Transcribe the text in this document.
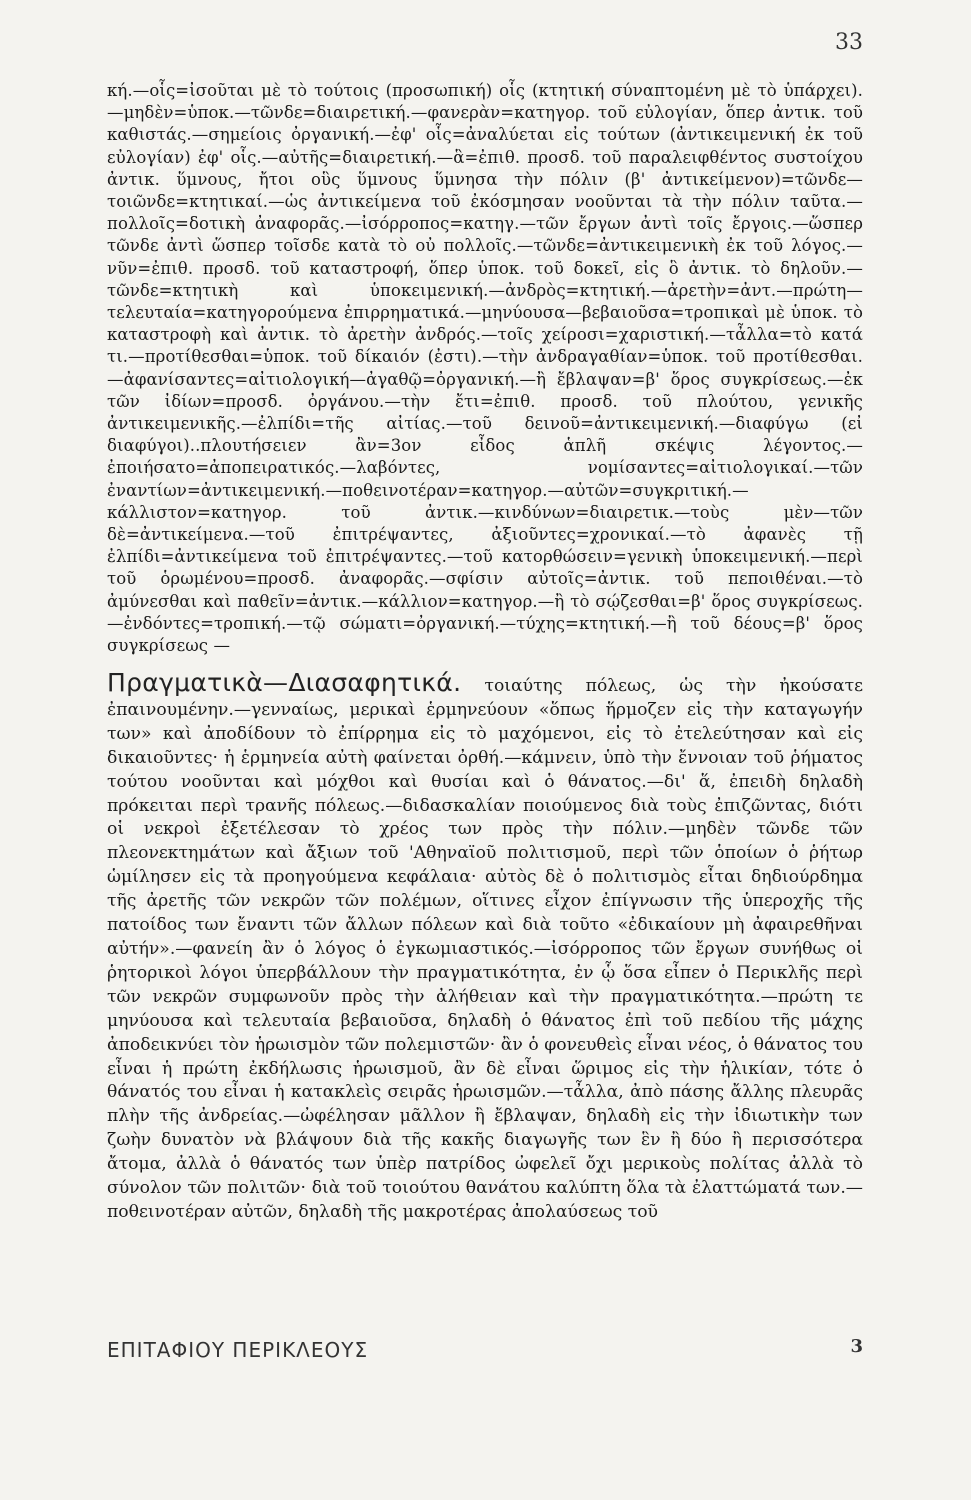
33

κή.—οἷς=ἰσοῦται μὲ τὸ τούτοις (προσωπική) οἷς (κτητική σύναπτομένη μὲ τὸ ὑπάρχει).—μηδὲν=ὑποκ.—τῶνδε=διαιρετική.—φανερὰν=κατηγορ. τοῦ εὐλογίαν, ὅπερ ἀντικ. τοῦ καθιστάς.—σημείοις ὀργανική.—ἐφ' οἷς=ἀναλύεται εἰς τούτων (ἀντικειμενική ἐκ τοῦ εὐλογίαν) ἐφ' οἷς.—αὐτῆς=διαιρετική.—ἃ=ἐπιθ. προσδ. τοῦ παραλειφθέντος συστοίχου ἀντικ. ὕμνους, ἤτοι οὓς ὕμνους ὕμνησα τὴν πόλιν (β' ἀντικείμενον)=τῶνδε—τοιῶνδε=κτητικαί.—ὡς ἀντικείμενα τοῦ ἐκόσμησαν νοοῦνται τὰ τὴν πόλιν ταῦτα.—πολλοῖς=δοτικὴ ἀναφορᾶς.—ἰσόρροπος=κατηγ.—τῶν ἔργων ἀντὶ τοῖς ἔργοις.—ὥσπερ τῶνδε ἀντὶ ὥσπερ τοῖσδε κατὰ τὸ οὐ πολλοῖς.—τῶνδε=ἀντικειμενικὴ ἐκ τοῦ λόγος.—νῦν=ἐπιθ. προσδ. τοῦ καταστροφή, ὅπερ ὑποκ. τοῦ δοκεῖ, εἰς ὃ ἀντικ. τὸ δηλοῦν.—τῶνδε=κτητικὴ καὶ ὑποκειμενική.—ἀνδρὸς=κτητική.—ἀρετὴν=ἀντ.—πρώτη—τελευταία=κατηγορούμενα ἐπιρρηματικά.—μηνύουσα—βεβαιοῦσα=τροπικαὶ μὲ ὑποκ. τὸ καταστροφὴ καὶ ἀντικ. τὸ ἀρετὴν ἀνδρός.—τοῖς χείροσι=χαριστική.—τἆλλα=τὸ κατά τι.—προτίθεσθαι=ὑποκ. τοῦ δίκαιόν (ἐστι).—τὴν ἀνδραγαθίαν=ὑποκ. τοῦ προτίθεσθαι.—ἀφανίσαντες=αἰτιολογική—ἀγαθῷ=ὀργανική.—ἢ ἔβλαψαν=β' ὅρος συγκρίσεως.—ἐκ τῶν ἰδίων=προσδ. ὀργάνου.—τὴν ἔτι=ἐπιθ. προσδ. τοῦ πλούτου, γενικῆς ἀντικειμενικῆς.—ἐλπίδι=τῆς αἰτίας.—τοῦ δεινοῦ=ἀντικειμενική.—διαφύγω (εἰ διαφύγοι)..πλουτήσειεν ἂν=3ον εἶδος ἁπλῆ σκέψις λέγοντος.—ἐποιήσατο=ἀποπειρατικός.—λαβόντες, νομίσαντες=αἰτιολογικαί.—τῶν ἐναντίων=ἀντικειμενική.—ποθεινοτέραν=κατηγορ.—αὐτῶν=συγκριτική.—κάλλιστον=κατηγορ. τοῦ ἀντικ.—κινδύνων=διαιρετικ.—τοὺς μὲν—τῶν δὲ=ἀντικείμενα.—τοῦ ἐπιτρέψαντες, ἀξιοῦντες=χρονικαί.—τὸ ἀφανὲς τῇ ἐλπίδι=ἀντικείμενα τοῦ ἐπιτρέψαντες.—τοῦ κατορθώσειν=γενικὴ ὑποκειμενική.—περὶ τοῦ ὁρωμένου=προσδ. ἀναφορᾶς.—σφίσιν αὐτοῖς=ἀντικ. τοῦ πεποιθέναι.—τὸ ἀμύνεσθαι καὶ παθεῖν=ἀντικ.—κάλλιον=κατηγορ.—ἢ τὸ σῴζεσθαι=β' ὅρος συγκρίσεως.—ἐνδόντες=τροπική.—τῷ σώματι=ὀργανική.—τύχης=κτητική.—ἢ τοῦ δέους=β' ὅρος συγκρίσεως —

Πραγματικὰ—Διασαφητικά. τοιαύτης πόλεως, ὡς τὴν ἠκούσατε ἐπαινουμένην.—γενναίως, μερικαὶ ἑρμηνεύουν «ὅπως ἥρμοζεν εἰς τὴν καταγωγήν των» καὶ ἀποδίδουν τὸ ἐπίρρημα εἰς τὸ μαχόμενοι, εἰς τὸ ἐτελεύτησαν καὶ εἰς δικαιοῦντες· ἡ ἑρμηνεία αὐτὴ φαίνεται ὀρθή.—κάμνειν, ὑπὸ τὴν ἔννοιαν τοῦ ῥήματος τούτου νοοῦνται καὶ μόχθοι καὶ θυσίαι καὶ ὁ θάνατος.—δι' ἅ, ἐπειδὴ δηλαδὴ πρόκειται περὶ τρανῆς πόλεως.—διδασκαλίαν ποιούμενος διὰ τοὺς ἐπιζῶντας, διότι οἱ νεκροὶ ἐξετέλεσαν τὸ χρέος των πρὸς τὴν πόλιν.—μηδὲν τῶνδε τῶν πλεονεκτημάτων καὶ ἄξιων τοῦ 'Αθηναϊοῦ πολιτισμοῦ, περὶ τῶν ὁποίων ὁ ῥήτωρ ὡμίλησεν εἰς τὰ προηγούμενα κεφάλαια· αὐτὸς δὲ ὁ πολιτισμὸς εἶται δηδιούρδημα τῆς ἀρετῆς τῶν νεκρῶν τῶν πολέμων, οἵτινες εἶχον ἐπίγνωσιν τῆς ὑπεροχῆς τῆς πατοίδος των ἔναντι τῶν ἄλλων πόλεων καὶ διὰ τοῦτο «ἐδικαίουν μὴ ἀφαιρεθῆναι αὐτήν».—φανείη ἂν ὁ λόγος ὁ ἐγκωμιαστικός.—ἰσόρροπος τῶν ἔργων συνήθως οἱ ῥητορικοὶ λόγοι ὑπερβάλλουν τὴν πραγματικότητα, ἐν ᾧ ὅσα εἶπεν ὁ Περικλῆς περὶ τῶν νεκρῶν συμφωνοῦν πρὸς τὴν ἀλήθειαν καὶ τὴν πραγματικότητα.—πρώτη τε μηνύουσα καὶ τελευταία βεβαιοῦσα, δηλαδὴ ὁ θάνατος ἐπὶ τοῦ πεδίου τῆς μάχης ἀποδεικνύει τὸν ἡρωισμὸν τῶν πολεμιστῶν· ἂν ὁ φονευθεὶς εἶναι νέος, ὁ θάνατος του εἶναι ἡ πρώτη ἐκδήλωσις ἡρωισμοῦ, ἂν δὲ εἶναι ὥριμος εἰς τὴν ἡλικίαν, τότε ὁ θάνατός του εἶναι ἡ κατακλεὶς σειρᾶς ἡρωισμῶν.—τἆλλα, ἀπὸ πάσης ἄλλης πλευρᾶς πλὴν τῆς ἀνδρείας.—ὠφέλησαν μᾶλλον ἢ ἔβλαψαν, δηλαδὴ εἰς τὴν ἰδιωτικὴν των ζωὴν δυνατὸν νὰ βλάψουν διὰ τῆς κακῆς διαγωγῆς των ἓν ἢ δύο ἢ περισσότερα ἄτομα, ἀλλὰ ὁ θάνατός των ὑπὲρ πατρίδος ὠφελεῖ ὄχι μερικοὺς πολίτας ἀλλὰ τὸ σύνολον τῶν πολιτῶν· διὰ τοῦ τοιούτου θανάτου καλύπτη ὅλα τὰ ἐλαττώματά των.—ποθεινοτέραν αὐτῶν, δηλαδὴ τῆς μακροτέρας ἀπολαύσεως τοῦ

ΕΠΙΤΑΦΙΟΥ ΠΕΡΙΚΛΕΟΥΣ	3
